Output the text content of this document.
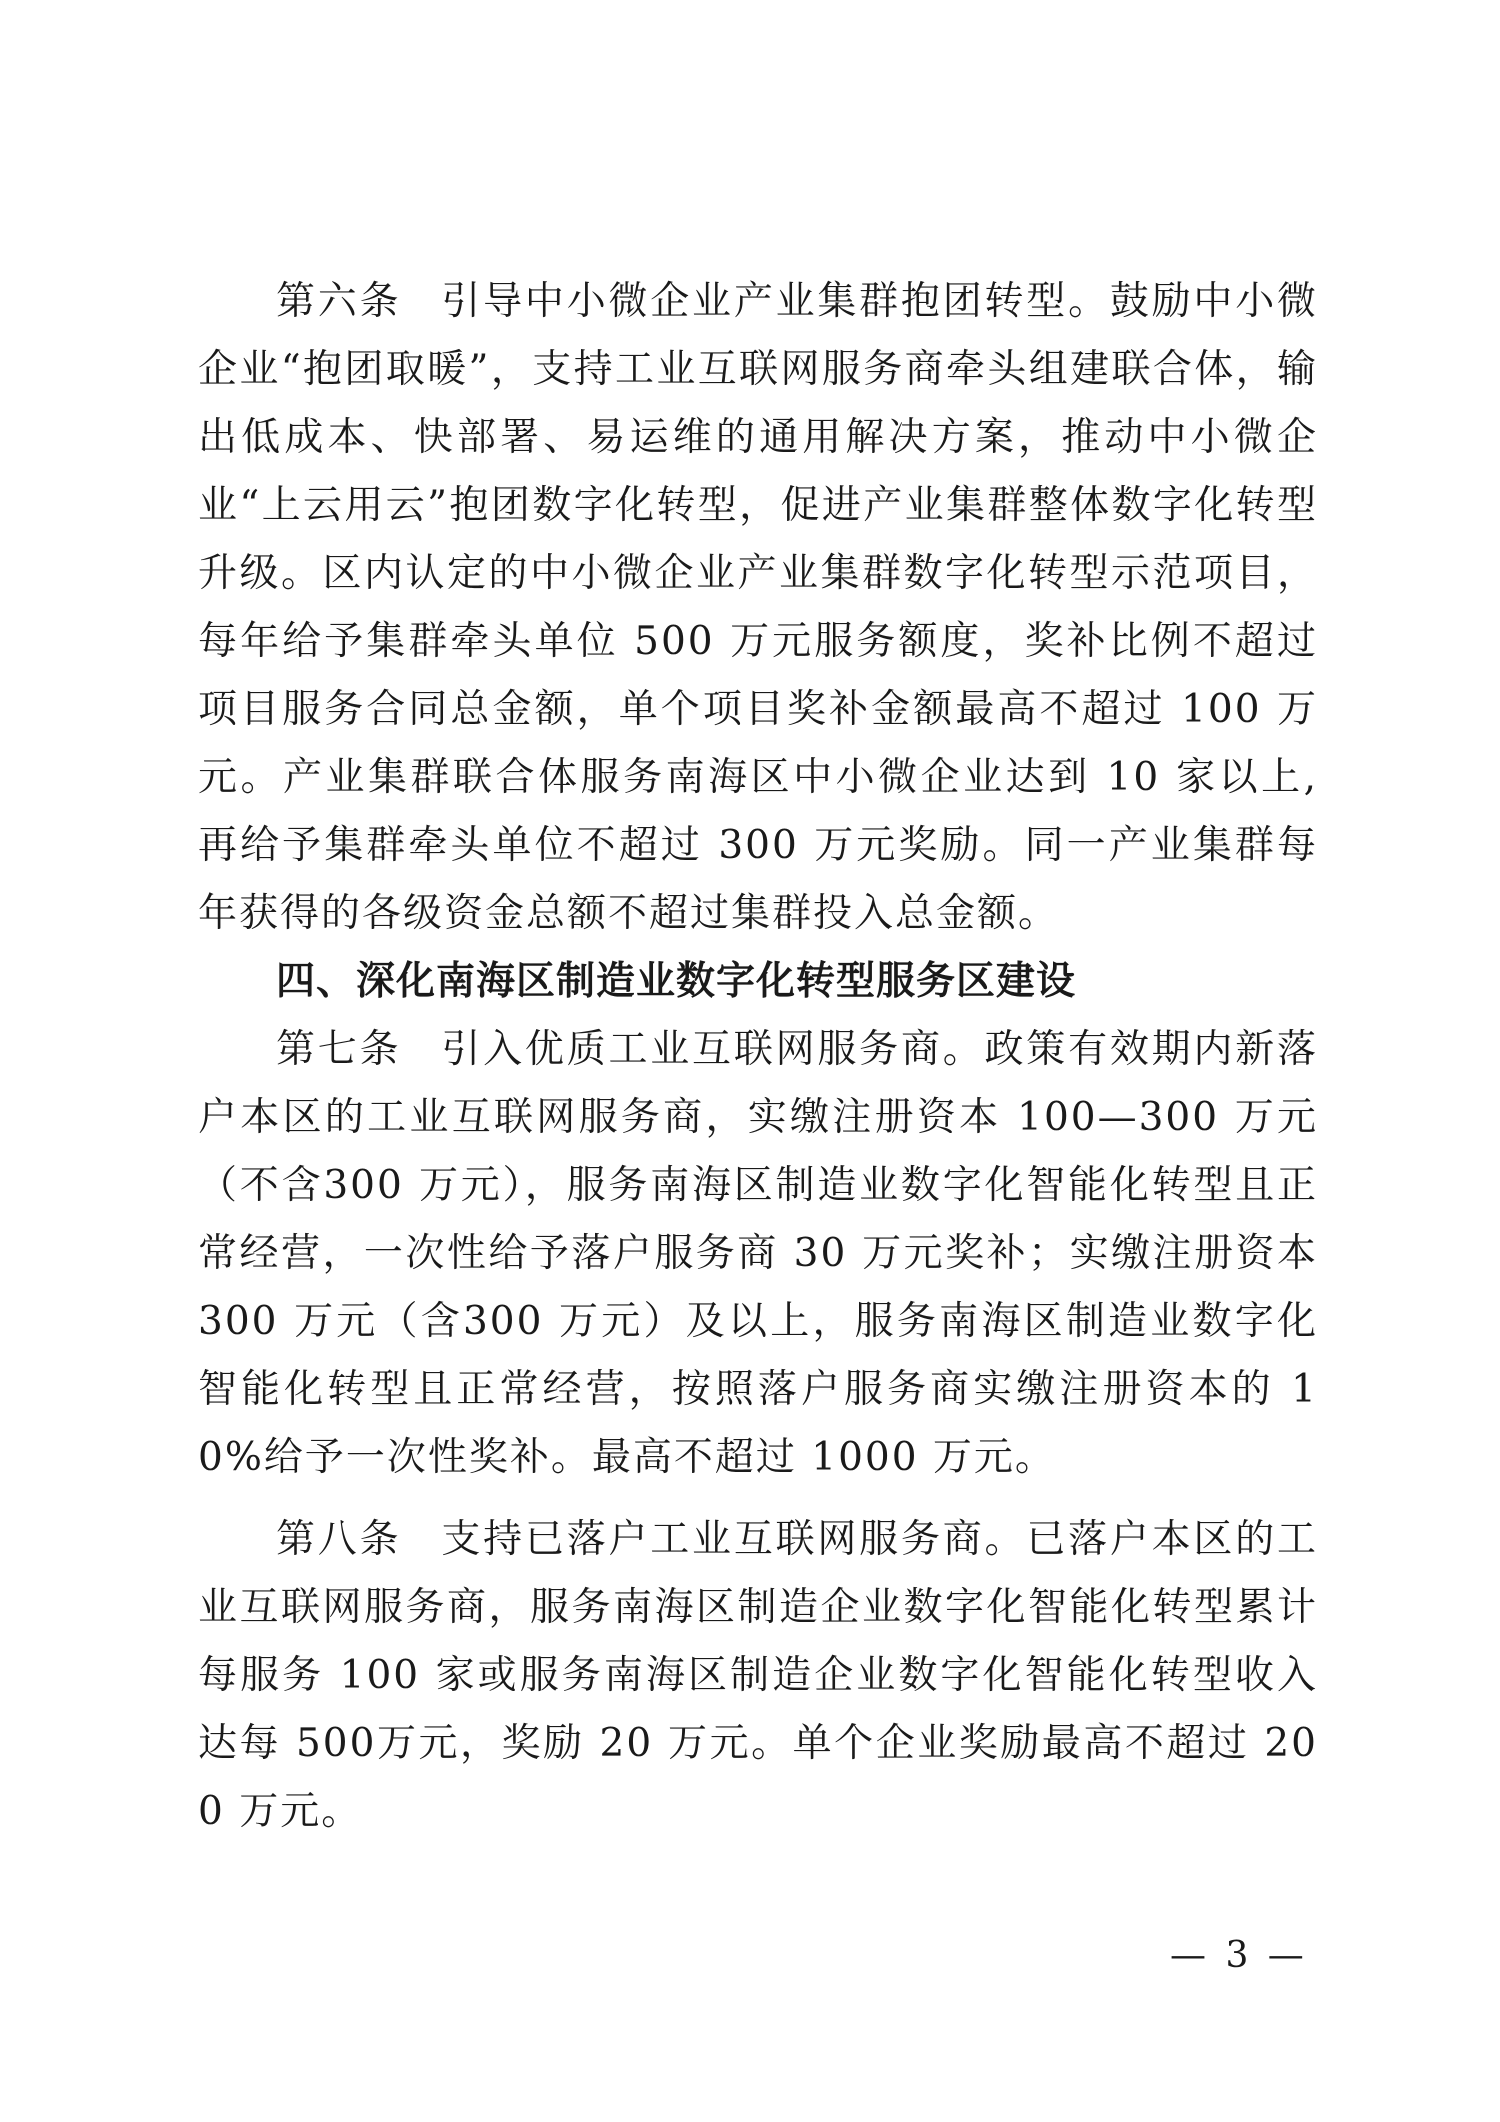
第六条 引导中小微企业产业集群抱团转型。鼓励中小微企业“抱团取暖”，支持工业互联网服务商牵头组建联合体，输出低成本、快部署、易运维的通用解决方案，推动中小微企业“上云用云”抱团数字化转型，促进产业集群整体数字化转型升级。区内认定的中小微企业产业集群数字化转型示范项目，每年给予集群牵头单位 500 万元服务额度，奖补比例不超过项目服务合同总金额，单个项目奖补金额最高不超过 100 万元。产业集群联合体服务南海区中小微企业达到 10 家以上,再给予集群牵头单位不超过 300 万元奖励。同一产业集群每年获得的各级资金总额不超过集群投入总金额。

四、深化南海区制造业数字化转型服务区建设

第七条 引入优质工业互联网服务商。政策有效期内新落户本区的工业互联网服务商，实缴注册资本 100—300 万元（不含300 万元），服务南海区制造业数字化智能化转型且正常经营，一次性给予落户服务商 30 万元奖补；实缴注册资本 300 万元（含300 万元）及以上，服务南海区制造业数字化智能化转型且正常经营，按照落户服务商实缴注册资本的 10%给予一次性奖补。最高不超过 1000 万元。

第八条 支持已落户工业互联网服务商。已落户本区的工业互联网服务商，服务南海区制造企业数字化智能化转型累计每服务 100 家或服务南海区制造企业数字化智能化转型收入达每 500万元，奖励 20 万元。单个企业奖励最高不超过 200 万元。

— 3 —
